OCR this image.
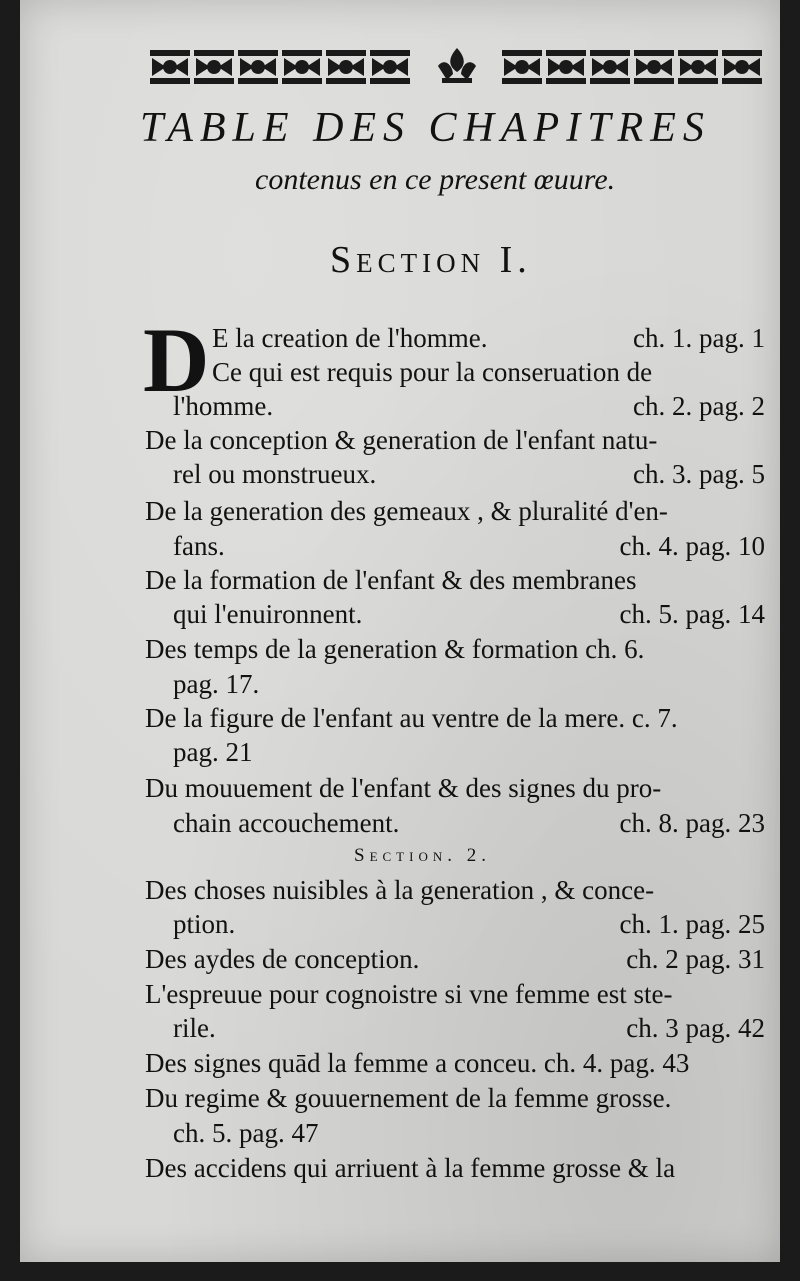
TABLE DES CHAPITRES
contenus en ce present œuure.
Section I.
D E la creation de l'homme.	ch. 1. pag. 1
Ce qui est requis pour la conseruation de
l'homme.	ch. 2. pag. 2
De la conception & generation de l'enfant natu-
rel ou monstrueux.	ch. 3. pag. 5
De la generation des gemeaux , & pluralité d'en-
fans.	ch. 4. pag. 10
De la formation de l'enfant & des membranes
qui l'enuironnent.	ch. 5. pag. 14
Des temps de la generation & formation ch. 6.
pag. 17.
De la figure de l'enfant au ventre de la mere. c. 7.
pag. 21
Du mouuement de l'enfant & des signes du pro-
chain accouchement.	ch. 8. pag. 23
Section. 2.
Des choses nuisibles à la generation , & conce-
ption.	ch. 1. pag. 25
Des aydes de conception.	ch. 2 pag. 31
L'espreuue pour cognoistre si vne femme est ste-
rile.	ch. 3 pag. 42
Des signes quād la femme a conceu. ch. 4. pag. 43
Du regime & gouuernement de la femme grosse.
ch. 5. pag. 47
Des accidens qui arriuent à la femme grosse & la
